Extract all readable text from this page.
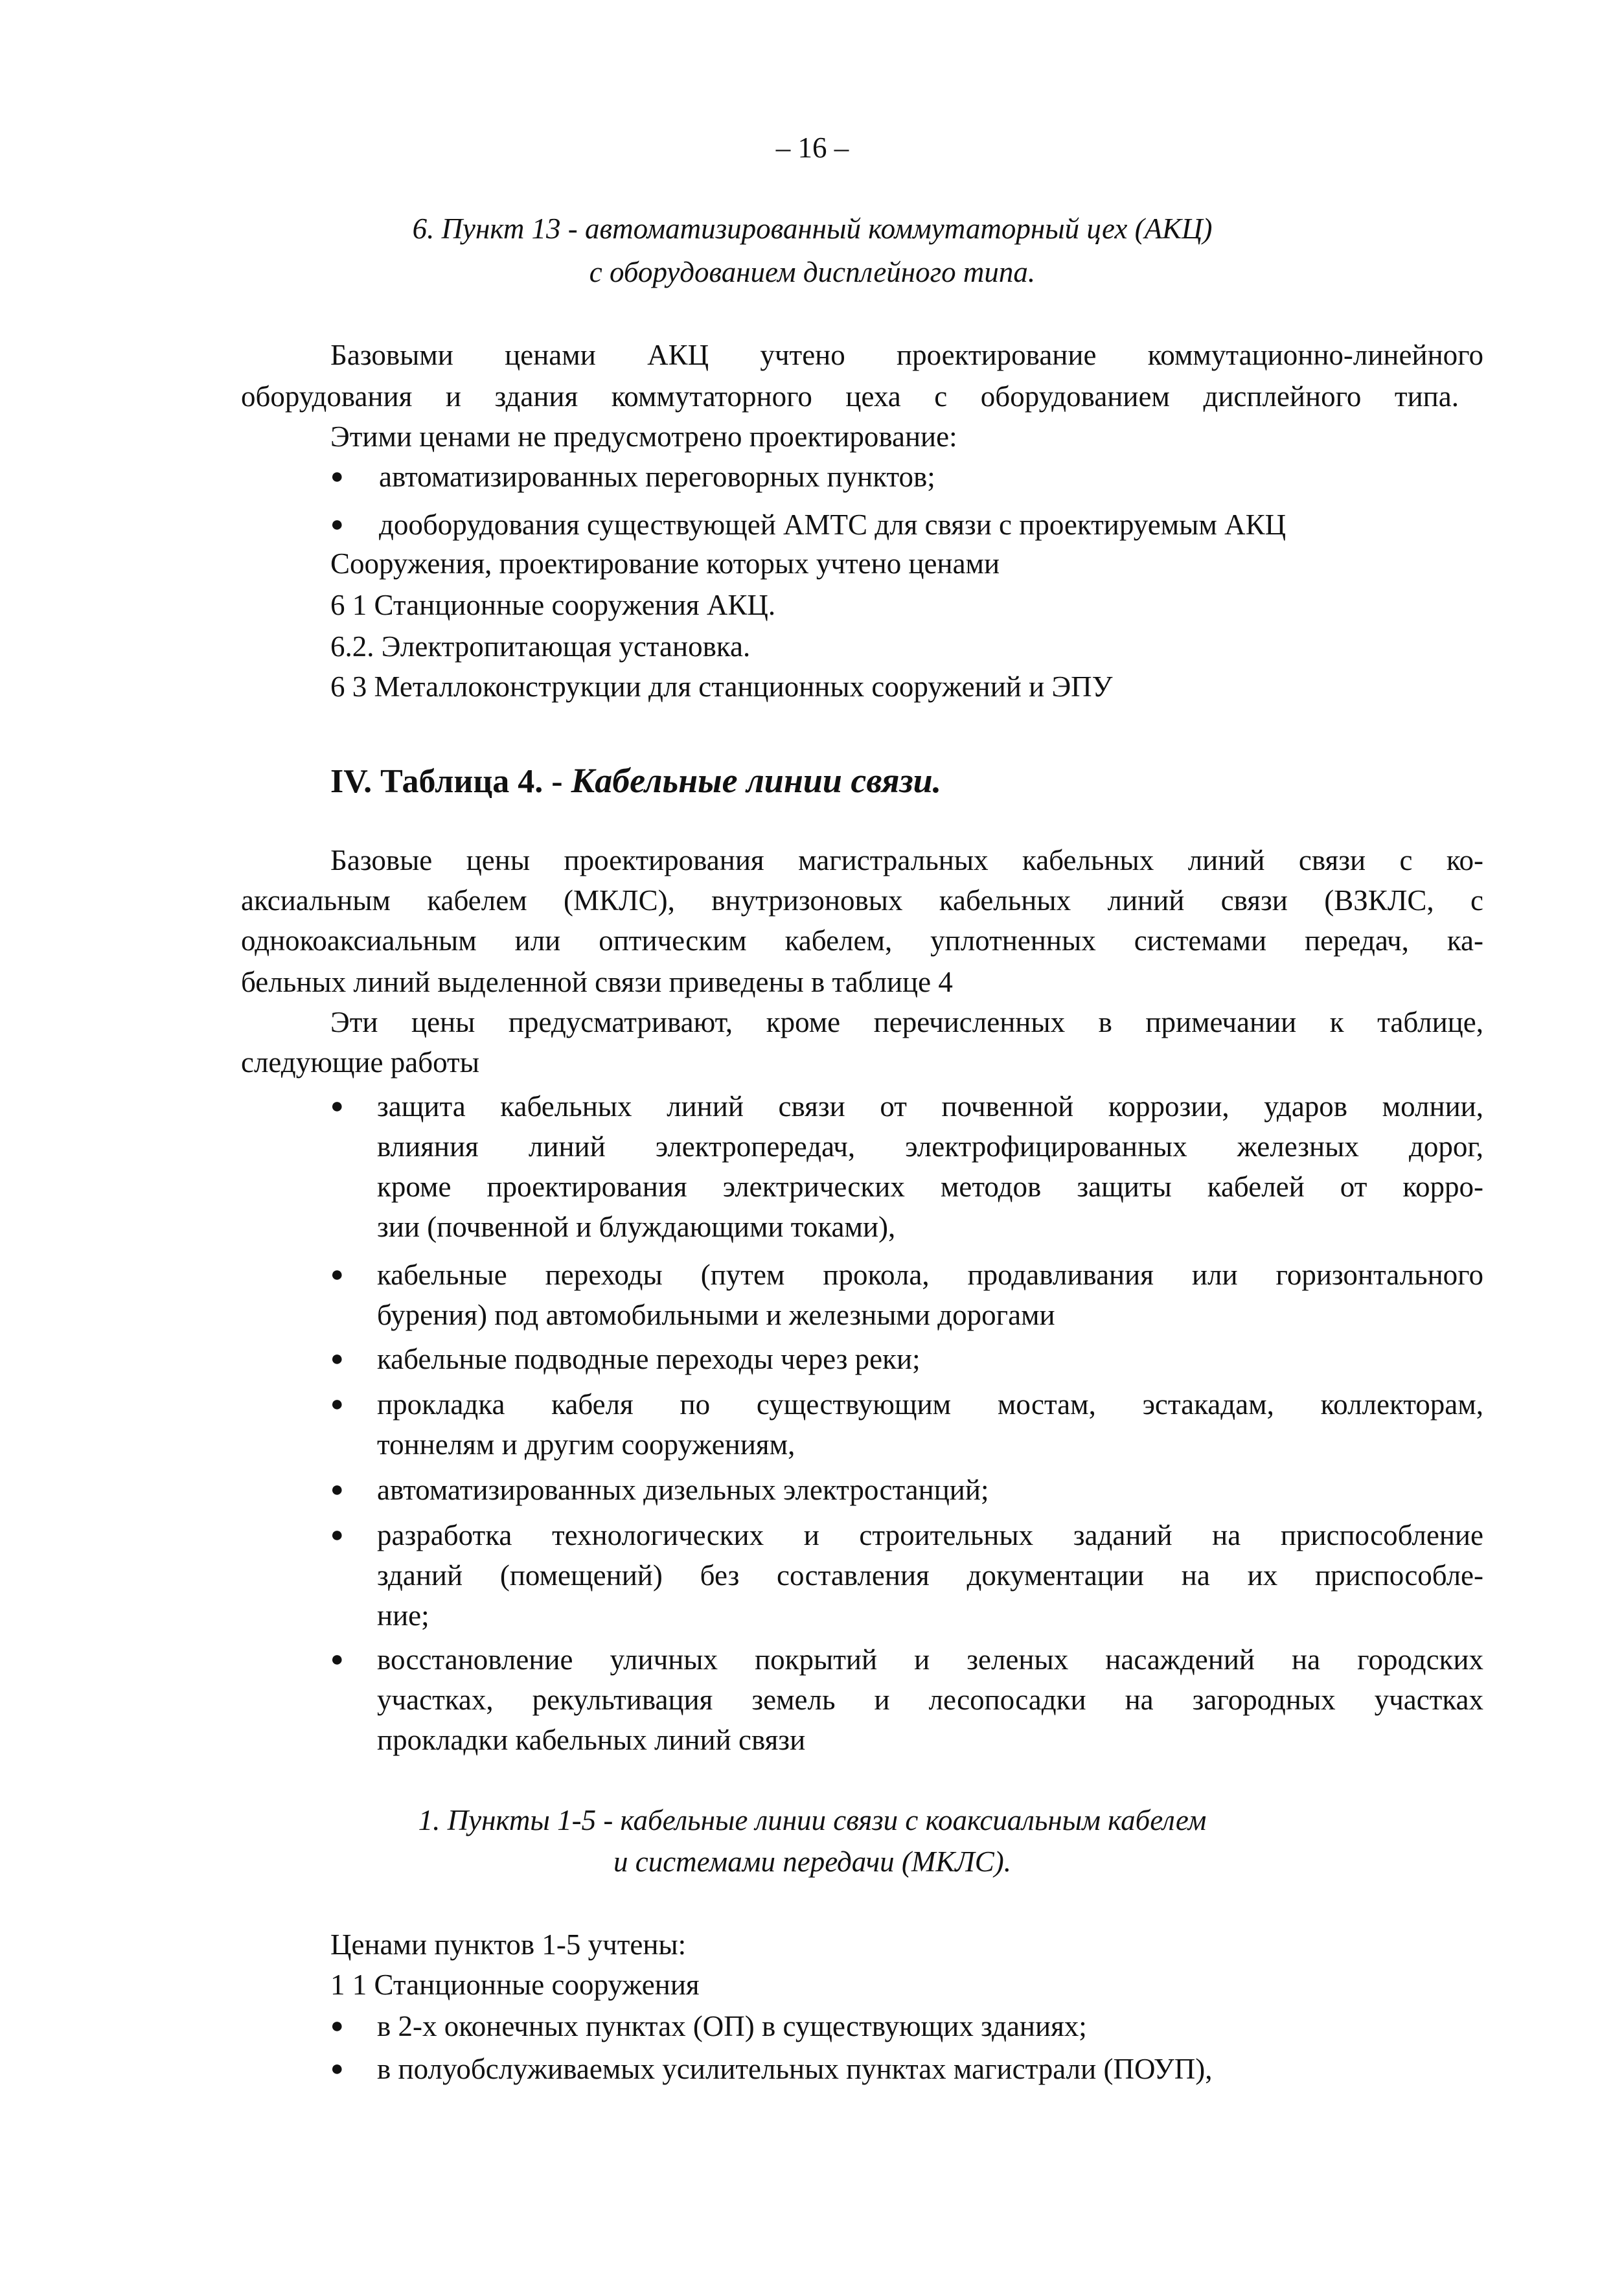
– 16 –
6. Пункт 13 - автоматизированный коммутаторный цех (АКЦ)
с оборудованием дисплейного типа.
Базовыми ценами АКЦ учтено проектирование коммутационно-линейного
оборудования и здания коммутаторного цеха с оборудованием дисплейного типа.
Этими ценами не предусмотрено проектирование:
● автоматизированных переговорных пунктов;
● дооборудования существующей АМТС для связи с проектируемым АКЦ
Сооружения, проектирование которых учтено ценами
6 1 Станционные сооружения АКЦ.
6.2. Электропитающая установка.
6 3 Металлоконструкции для станционных сооружений и ЭПУ
IV. Таблица 4. - Кабельные линии связи.
Базовые цены проектирования магистральных кабельных линий связи с ко-
аксиальным кабелем (МКЛС), внутризоновых кабельных линий связи (ВЗКЛС, с
однокоаксиальным или оптическим кабелем, уплотненных системами передач, ка-
бельных линий выделенной связи приведены в таблице 4
Эти цены предусматривают, кроме перечисленных в примечании к таблице,
следующие работы
● защита кабельных линий связи от почвенной коррозии, ударов молнии,
влияния линий электропередач, электрофицированных железных дорог,
кроме проектирования электрических методов защиты кабелей от корро-
зии (почвенной и блуждающими токами),
● кабельные переходы (путем прокола, продавливания или горизонтального
бурения) под автомобильными и железными дорогами
● кабельные подводные переходы через реки;
● прокладка кабеля по существующим мостам, эстакадам, коллекторам,
тоннелям и другим сооружениям,
● автоматизированных дизельных электростанций;
● разработка технологических и строительных заданий на приспособление
зданий (помещений) без составления документации на их приспособле-
ние;
● восстановление уличных покрытий и зеленых насаждений на городских
участках, рекультивация земель и лесопосадки на загородных участках
прокладки кабельных линий связи
1. Пункты 1-5 - кабельные линии связи с коаксиальным кабелем
и системами передачи (МКЛС).
Ценами пунктов 1-5 учтены:
1 1 Станционные сооружения
● в 2-х оконечных пунктах (ОП) в существующих зданиях;
● в полуобслуживаемых усилительных пунктах магистрали (ПОУП),
